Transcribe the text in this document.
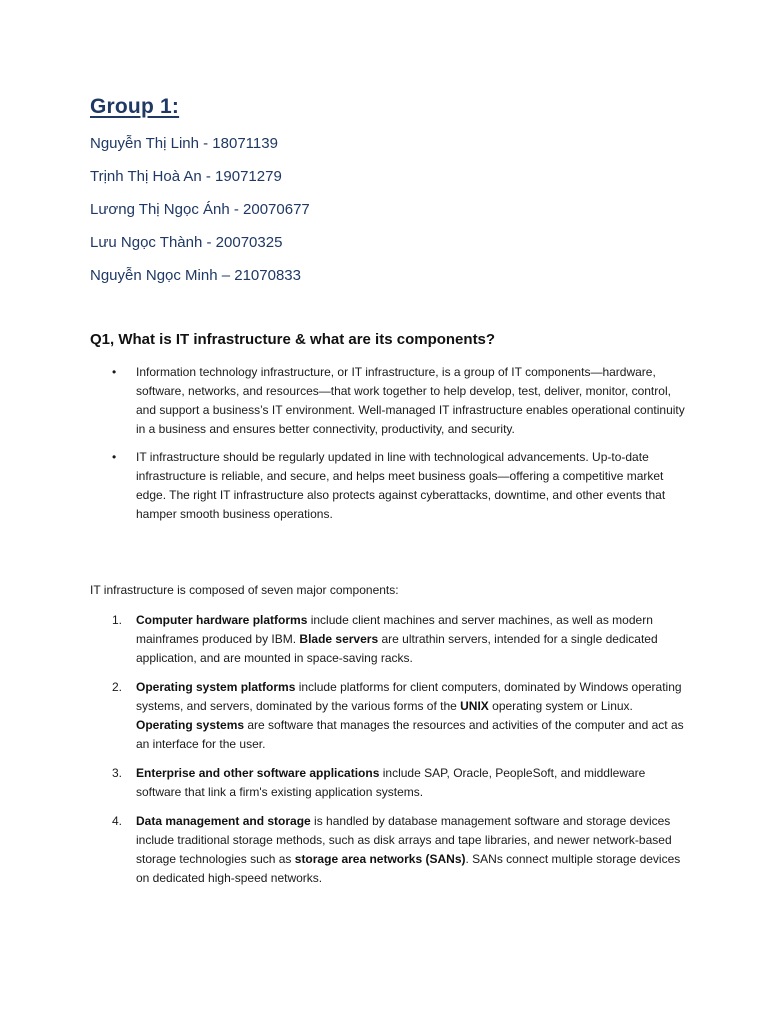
Group 1:
Nguyễn Thị Linh - 18071139
Trịnh Thị Hoà An - 19071279
Lương Thị Ngọc Ánh - 20070677
Lưu Ngọc Thành - 20070325
Nguyễn Ngọc Minh – 21070833
Q1, What is IT infrastructure & what are its components?
• Information technology infrastructure, or IT infrastructure, is a group of IT components—hardware, software, networks, and resources—that work together to help develop, test, deliver, monitor, control, and support a business’s IT environment. Well-managed IT infrastructure enables operational continuity in a business and ensures better connectivity, productivity, and security.
• IT infrastructure should be regularly updated in line with technological advancements. Up-to-date infrastructure is reliable, and secure, and helps meet business goals—offering a competitive market edge. The right IT infrastructure also protects against cyberattacks, downtime, and other events that hamper smooth business operations.

IT infrastructure is composed of seven major components:

1. Computer hardware platforms include client machines and server machines, as well as modern mainframes produced by IBM. Blade servers are ultrathin servers, intended for a single dedicated application, and are mounted in space-saving racks.
2. Operating system platforms include platforms for client computers, dominated by Windows operating systems, and servers, dominated by the various forms of the UNIX operating system or Linux. Operating systems are software that manages the resources and activities of the computer and act as an interface for the user.
3. Enterprise and other software applications include SAP, Oracle, PeopleSoft, and middleware software that link a firm's existing application systems.
4. Data management and storage is handled by database management software and storage devices include traditional storage methods, such as disk arrays and tape libraries, and newer network-based storage technologies such as storage area networks (SANs). SANs connect multiple storage devices on dedicated high-speed networks.
